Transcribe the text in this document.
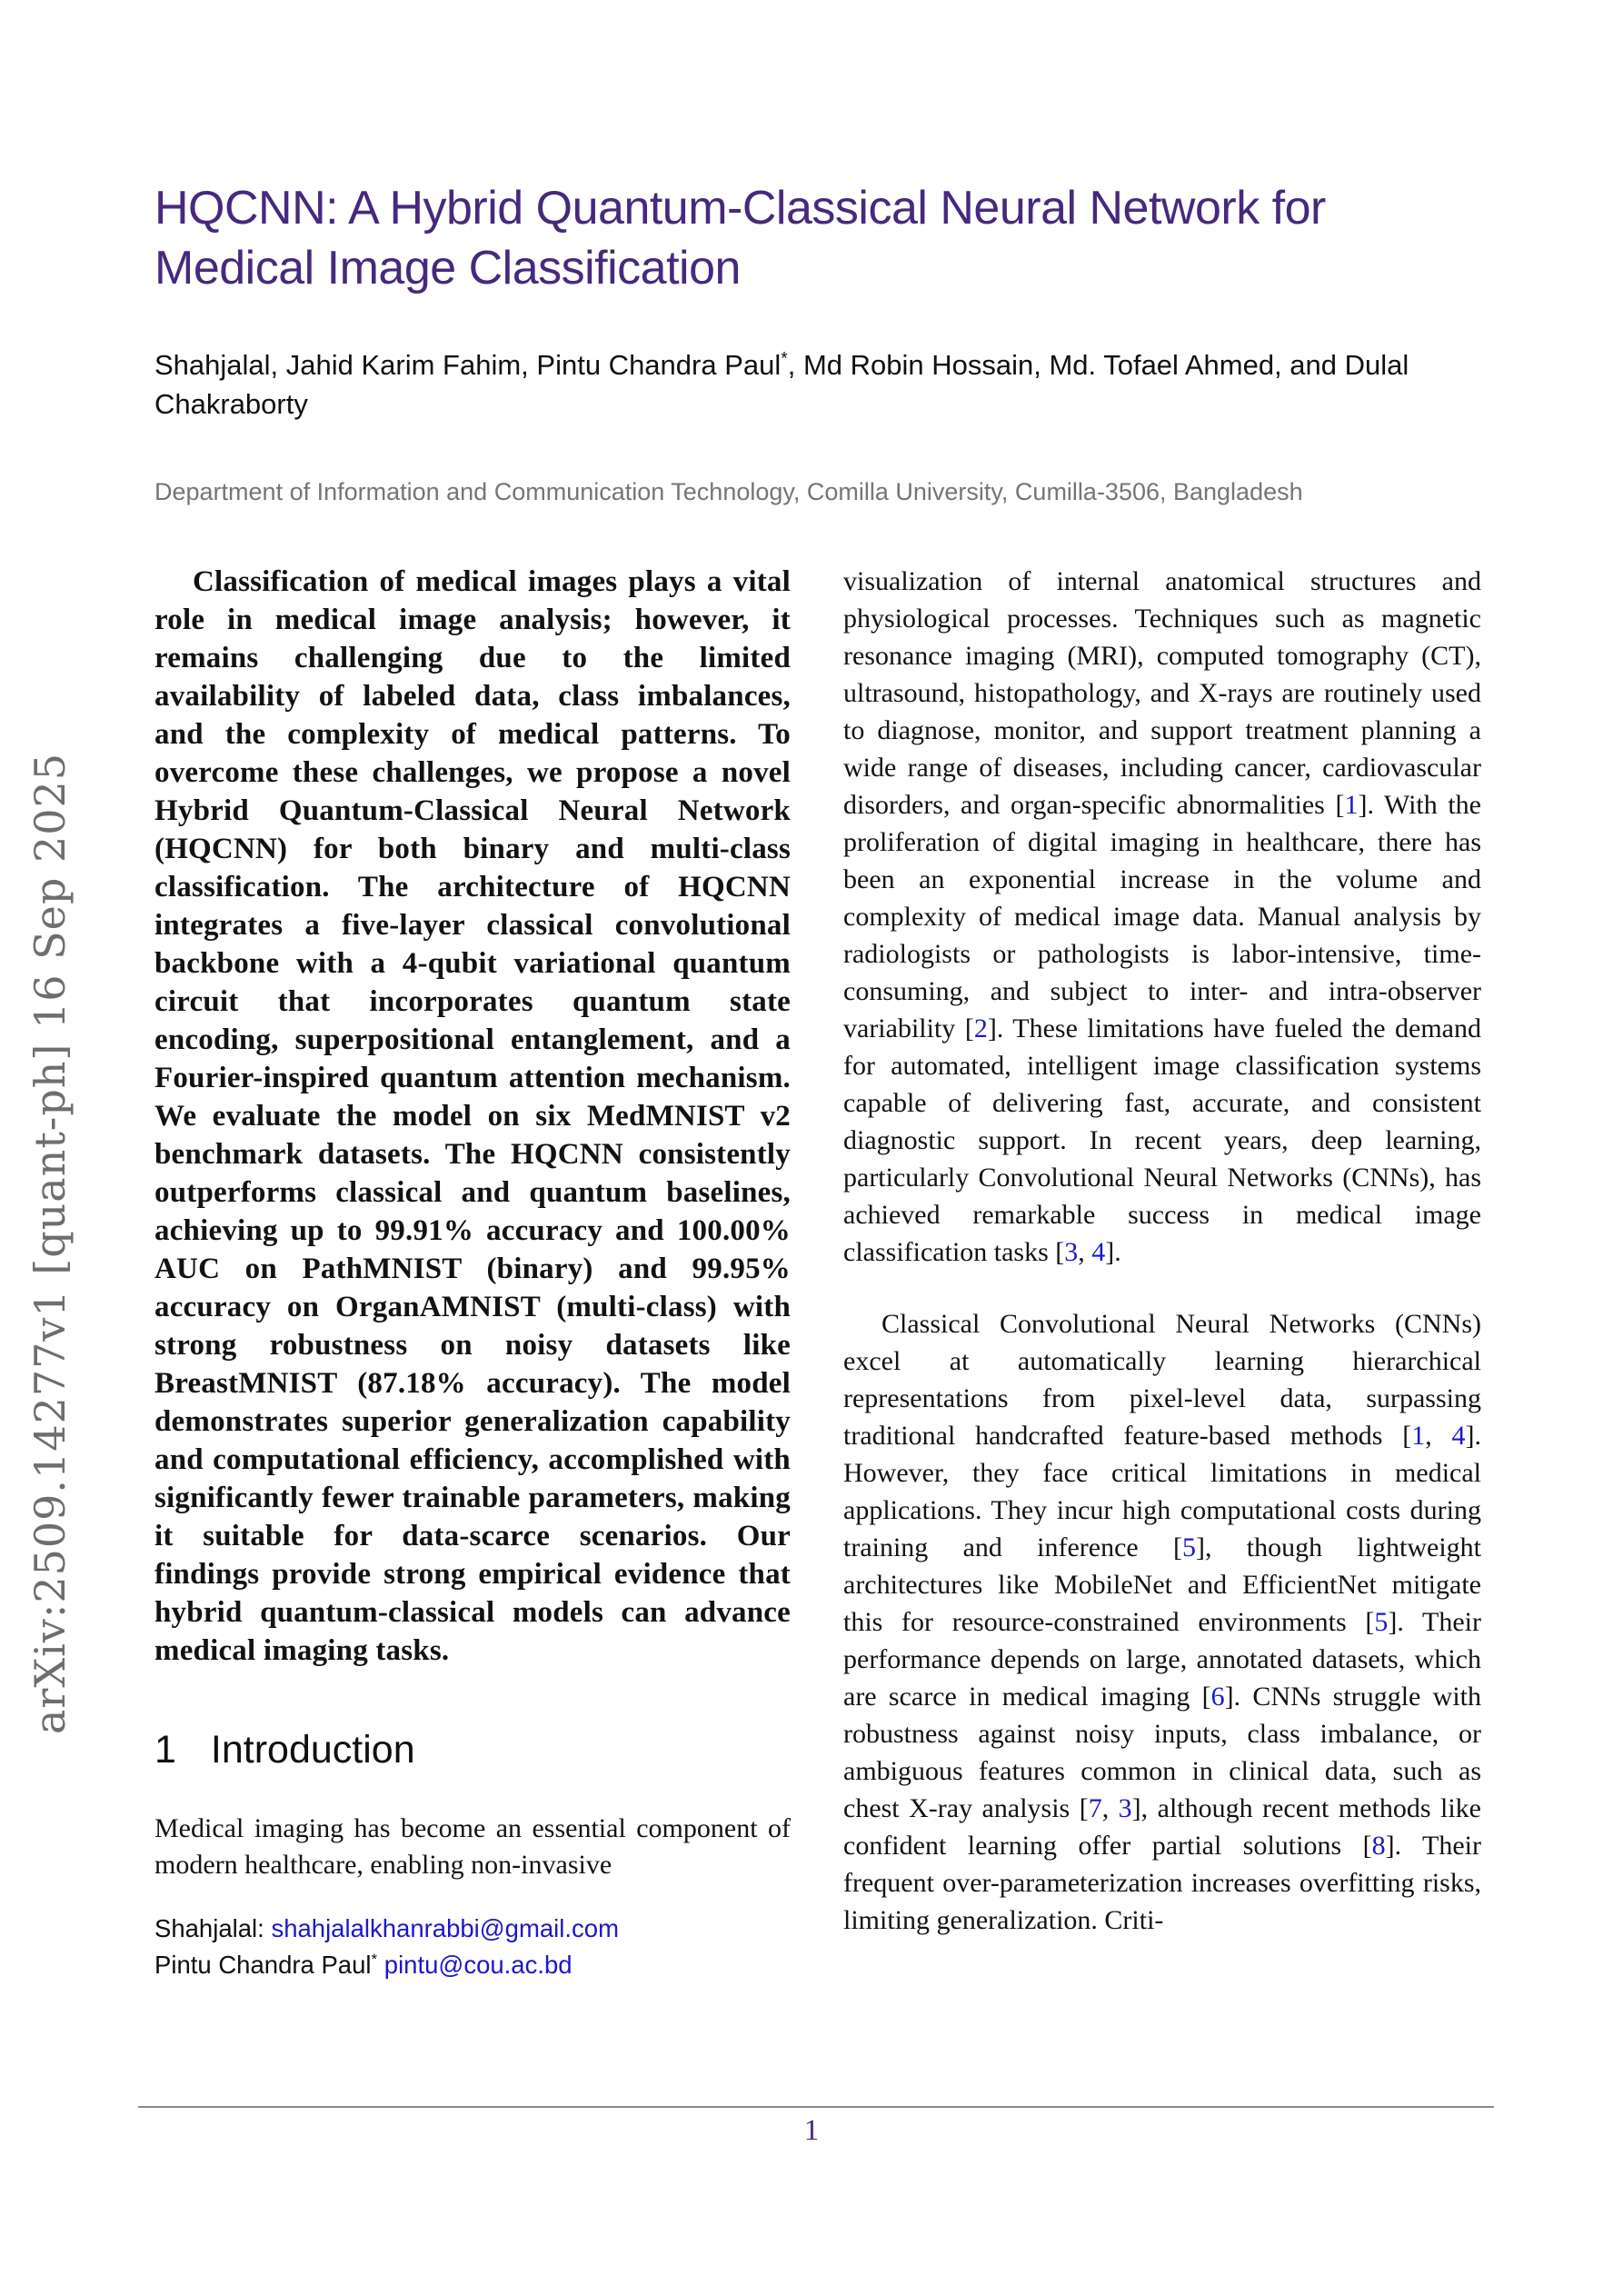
arXiv:2509.14277v1 [quant-ph] 16 Sep 2025
HQCNN: A Hybrid Quantum-Classical Neural Network for Medical Image Classification
Shahjalal, Jahid Karim Fahim, Pintu Chandra Paul*, Md Robin Hossain, Md. Tofael Ahmed, and Dulal Chakraborty
Department of Information and Communication Technology, Comilla University, Cumilla-3506, Bangladesh

Classification of medical images plays a vital role in medical image analysis; however, it remains challenging due to the limited availability of labeled data, class imbalances, and the complexity of medical patterns. To overcome these challenges, we propose a novel Hybrid Quantum-Classical Neural Network (HQCNN) for both binary and multi-class classification. The architecture of HQCNN integrates a five-layer classical convolutional backbone with a 4-qubit variational quantum circuit that incorporates quantum state encoding, superpositional entanglement, and a Fourier-inspired quantum attention mechanism. We evaluate the model on six MedMNIST v2 benchmark datasets. The HQCNN consistently outperforms classical and quantum baselines, achieving up to 99.91% accuracy and 100.00% AUC on PathMNIST (binary) and 99.95% accuracy on OrganAMNIST (multi-class) with strong robustness on noisy datasets like BreastMNIST (87.18% accuracy). The model demonstrates superior generalization capability and computational efficiency, accomplished with significantly fewer trainable parameters, making it suitable for data-scarce scenarios. Our findings provide strong empirical evidence that hybrid quantum-classical models can advance medical imaging tasks.

1 Introduction

Medical imaging has become an essential component of modern healthcare, enabling non-invasive

Shahjalal: shahjalalkhanrabbi@gmail.com
Pintu Chandra Paul* pintu@cou.ac.bd

visualization of internal anatomical structures and physiological processes. Techniques such as magnetic resonance imaging (MRI), computed tomography (CT), ultrasound, histopathology, and X-rays are routinely used to diagnose, monitor, and support treatment planning a wide range of diseases, including cancer, cardiovascular disorders, and organ-specific abnormalities [1]. With the proliferation of digital imaging in healthcare, there has been an exponential increase in the volume and complexity of medical image data. Manual analysis by radiologists or pathologists is labor-intensive, time-consuming, and subject to inter- and intra-observer variability [2]. These limitations have fueled the demand for automated, intelligent image classification systems capable of delivering fast, accurate, and consistent diagnostic support. In recent years, deep learning, particularly Convolutional Neural Networks (CNNs), has achieved remarkable success in medical image classification tasks [3, 4].

Classical Convolutional Neural Networks (CNNs) excel at automatically learning hierarchical representations from pixel-level data, surpassing traditional handcrafted feature-based methods [1, 4]. However, they face critical limitations in medical applications. They incur high computational costs during training and inference [5], though lightweight architectures like MobileNet and EfficientNet mitigate this for resource-constrained environments [5]. Their performance depends on large, annotated datasets, which are scarce in medical imaging [6]. CNNs struggle with robustness against noisy inputs, class imbalance, or ambiguous features common in clinical data, such as chest X-ray analysis [7, 3], although recent methods like confident learning offer partial solutions [8]. Their frequent over-parameterization increases overfitting risks, limiting generalization. Criti-

1
